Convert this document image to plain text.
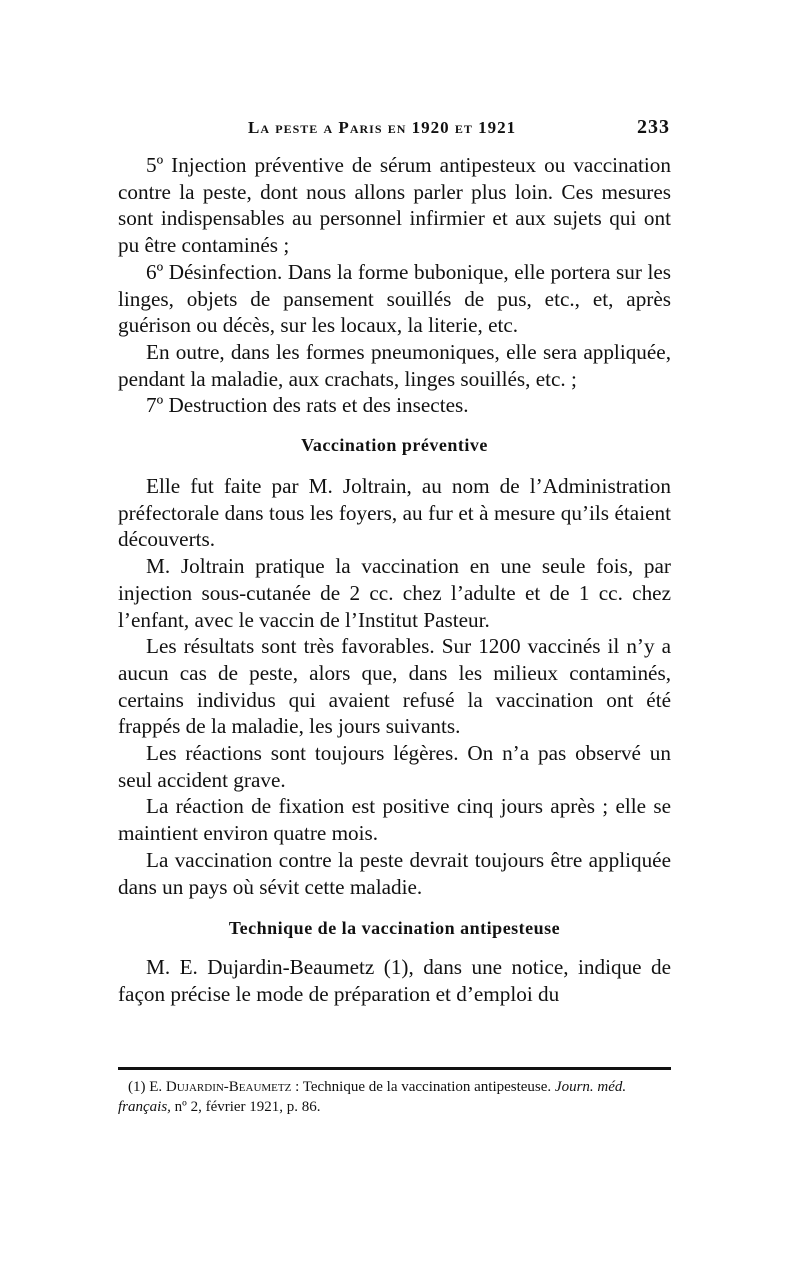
La peste a Paris en 1920 et 1921	233

5º Injection préventive de sérum antipesteux ou vaccination contre la peste, dont nous allons parler plus loin. Ces mesures sont indispensables au personnel infirmier et aux sujets qui ont pu être contaminés ;

6º Désinfection. Dans la forme bubonique, elle portera sur les linges, objets de pansement souillés de pus, etc., et, après guérison ou décès, sur les locaux, la literie, etc.

En outre, dans les formes pneumoniques, elle sera appliquée, pendant la maladie, aux crachats, linges souillés, etc. ;

7º Destruction des rats et des insectes.

Vaccination préventive

Elle fut faite par M. Joltrain, au nom de l’Administration préfectorale dans tous les foyers, au fur et à mesure qu’ils étaient découverts.

M. Joltrain pratique la vaccination en une seule fois, par injection sous-cutanée de 2 cc. chez l’adulte et de 1 cc. chez l’enfant, avec le vaccin de l’Institut Pasteur.

Les résultats sont très favorables. Sur 1200 vaccinés il n’y a aucun cas de peste, alors que, dans les milieux contaminés, certains individus qui avaient refusé la vaccination ont été frappés de la maladie, les jours suivants.

Les réactions sont toujours légères. On n’a pas observé un seul accident grave.

La réaction de fixation est positive cinq jours après ; elle se maintient environ quatre mois.

La vaccination contre la peste devrait toujours être appliquée dans un pays où sévit cette maladie.

Technique de la vaccination antipesteuse

M. E. Dujardin-Beaumetz (1), dans une notice, indique de façon précise le mode de préparation et d’emploi du

(1) E. Dujardin-Beaumetz : Technique de la vaccination antipesteuse. Journ. méd. français, nº 2, février 1921, p. 86.
